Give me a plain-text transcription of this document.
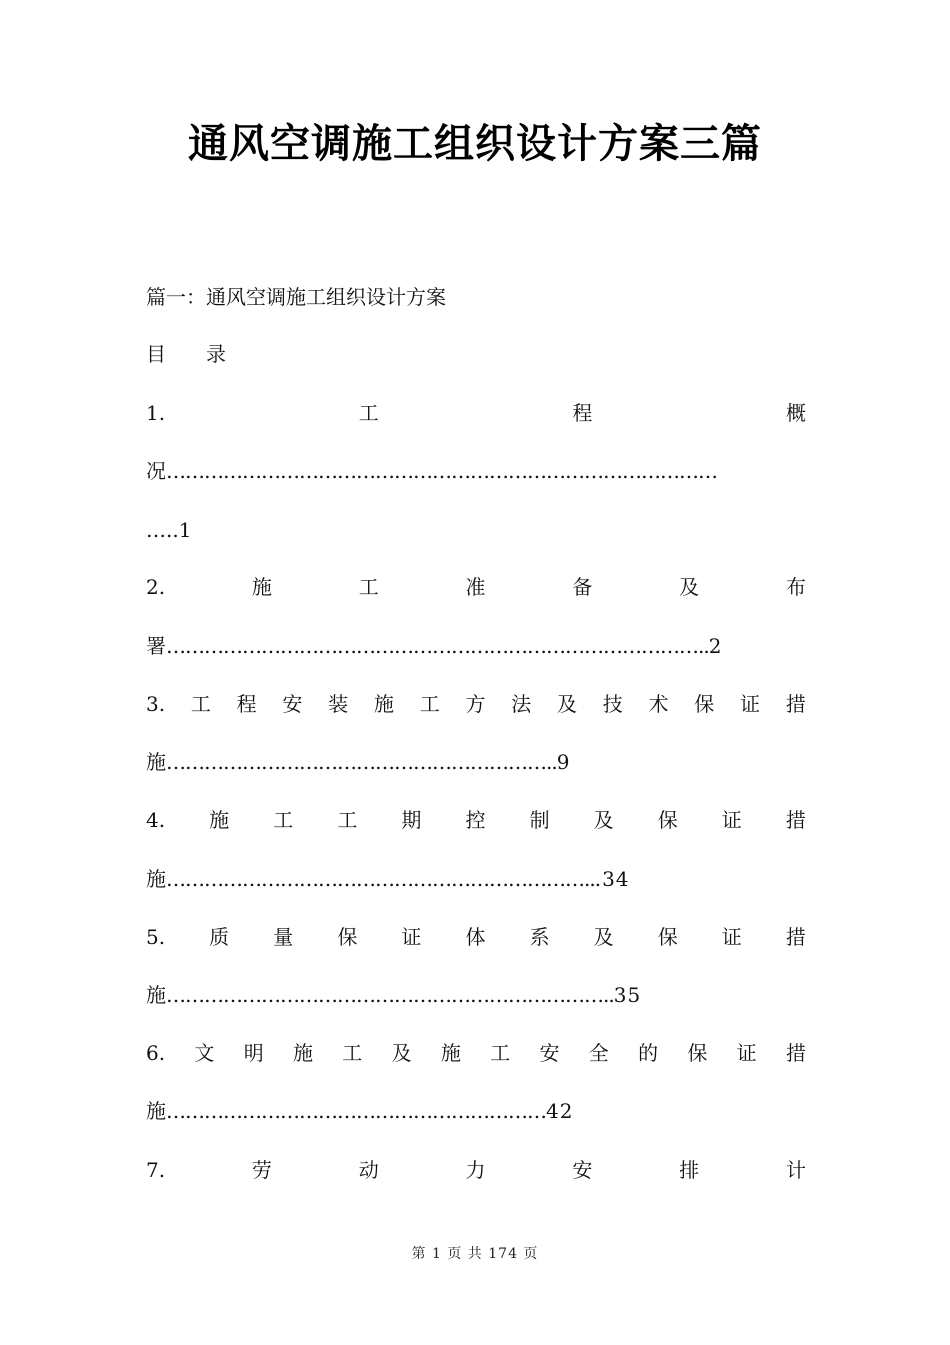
通风空调施工组织设计方案三篇
篇一：通风空调施工组织设计方案
目 录
1.	工	程	概
况 ……………………………………………………………………………
…..1
2.	施	工	准	备	及	布
署 ………………………………………………………………………….. 2
3. 工 程 安 装 施 工 方 法 及 技 术 保 证 措
施 …………………………………………………….. 9
4. 施 工 工 期 控 制 及 保 证 措
施 ………………………………………………………….. .34
5. 质 量 保 证 体 系 及 保 证 措
施 …………………………………………………………….. 35
6. 文 明 施 工 及 施 工 安 全 的 保 证 措
施 …………………………………………………… 42
7.	劳	动	力	安	排	计
第 1 页 共 174 页
